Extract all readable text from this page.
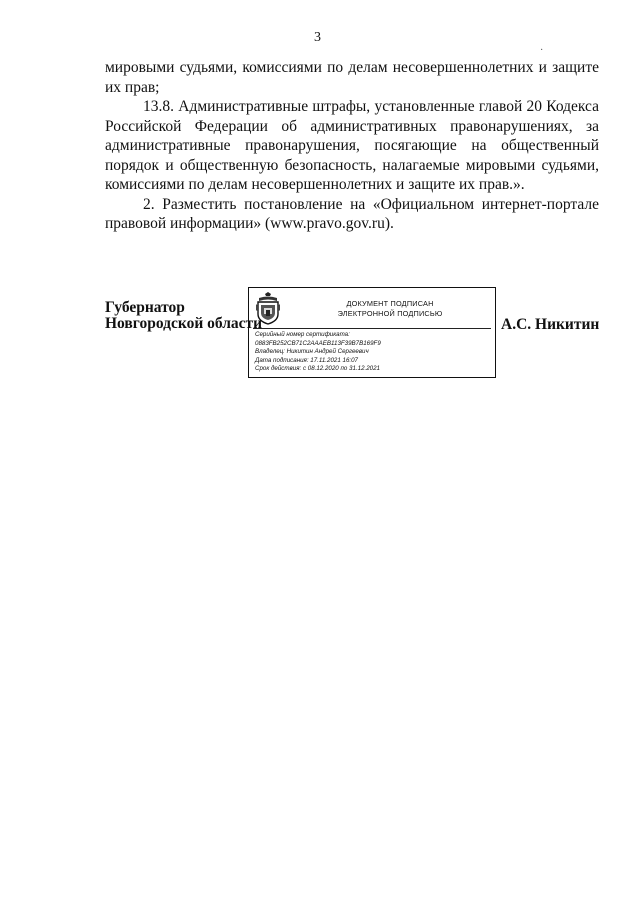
3
·

мировыми судьями, комиссиями по делам несовершеннолетних и защите их прав;

13.8. Административные штрафы, установленные главой 20 Кодекса Российской Федерации об административных правонарушениях, за административные правонарушения, посягающие на общественный порядок и общественную безопасность, налагаемые мировыми судьями, комиссиями по делам несовершеннолетних и защите их прав.».

2. Разместить постановление на «Официальном интернет-портале правовой информации» (www.pravo.gov.ru).

Губернатор
Новгородской области
ДОКУМЕНТ ПОДПИСАН
ЭЛЕКТРОННОЙ ПОДПИСЬЮ
Серийный номер сертификата:
0883FB252CB71C2AAAEB113F39B7B169F9
Владелец: Никитин Андрей Сергеевич
Дата подписания: 17.11.2021 16:07
Срок действия: с 08.12.2020 по 31.12.2021
А.С. Никитин
